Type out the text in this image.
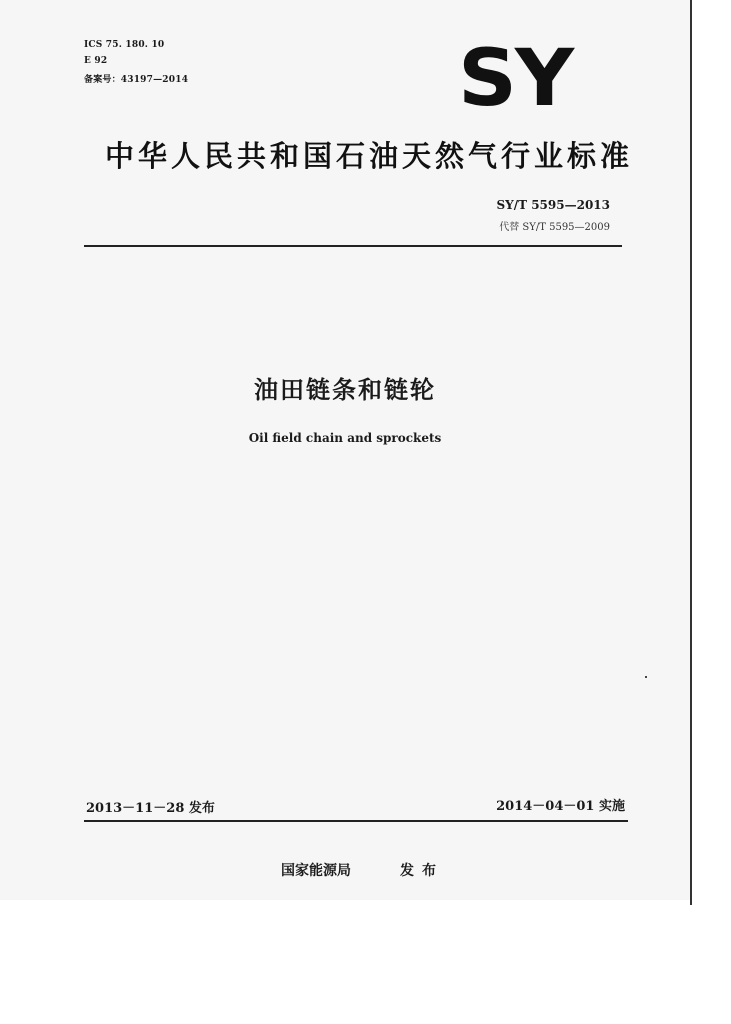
ICS 75. 180. 10
E 92
备案号：43197—2014	SY
中华人民共和国石油天然气行业标准
SY/T 5595—2013
代替 SY/T 5595—2009
油田链条和链轮
Oil field chain and sprockets
2013－11－28 发布	2014－04－01 实施
国家能源局	发布
